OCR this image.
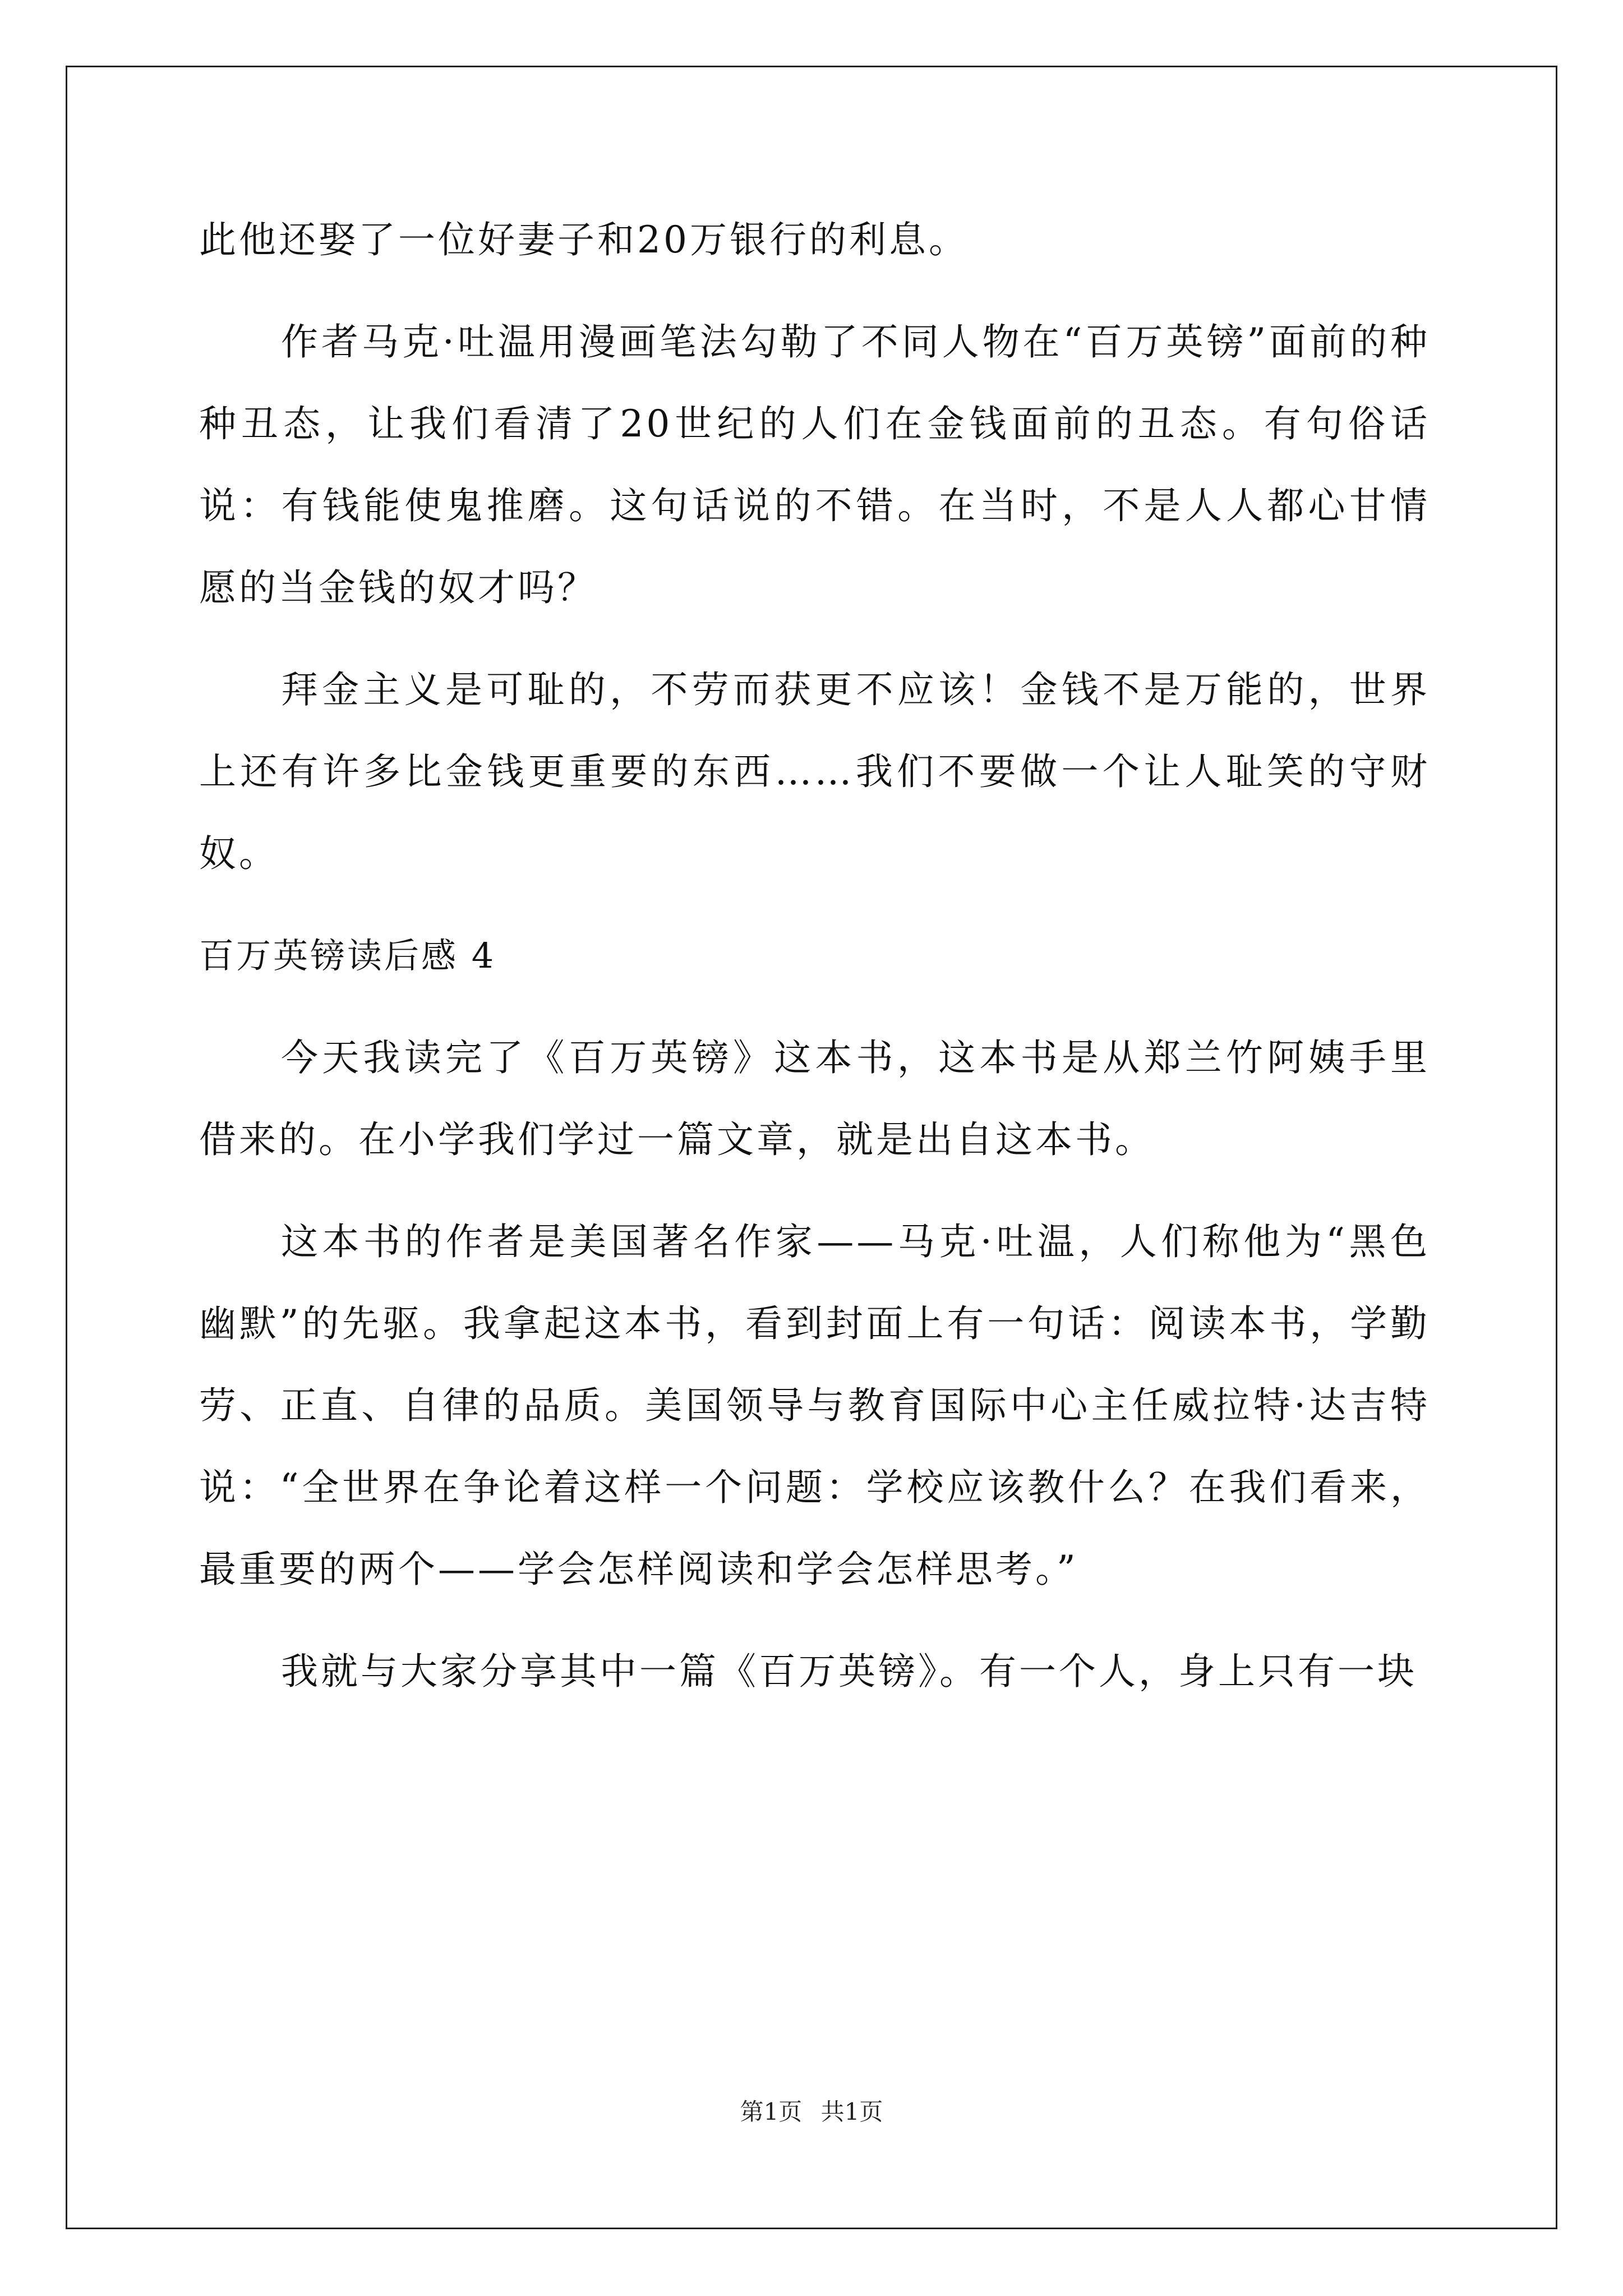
此他还娶了一位好妻子和20万银行的利息。

作者马克·吐温用漫画笔法勾勒了不同人物在“百万英镑”面前的种种丑态，让我们看清了20世纪的人们在金钱面前的丑态。有句俗话说：有钱能使鬼推磨。这句话说的不错。在当时，不是人人都心甘情愿的当金钱的奴才吗？

拜金主义是可耻的，不劳而获更不应该！金钱不是万能的，世界上还有许多比金钱更重要的东西……我们不要做一个让人耻笑的守财奴。

百万英镑读后感 4

今天我读完了《百万英镑》这本书，这本书是从郑兰竹阿姨手里借来的。在小学我们学过一篇文章，就是出自这本书。

这本书的作者是美国著名作家——马克·吐温，人们称他为“黑色幽默”的先驱。我拿起这本书，看到封面上有一句话：阅读本书，学勤劳、正直、自律的品质。美国领导与教育国际中心主任威拉特·达吉特说：“全世界在争论着这样一个问题：学校应该教什么？在我们看来，最重要的两个——学会怎样阅读和学会怎样思考。”

我就与大家分享其中一篇《百万英镑》。有一个人，身上只有一块

第1页 共1页
